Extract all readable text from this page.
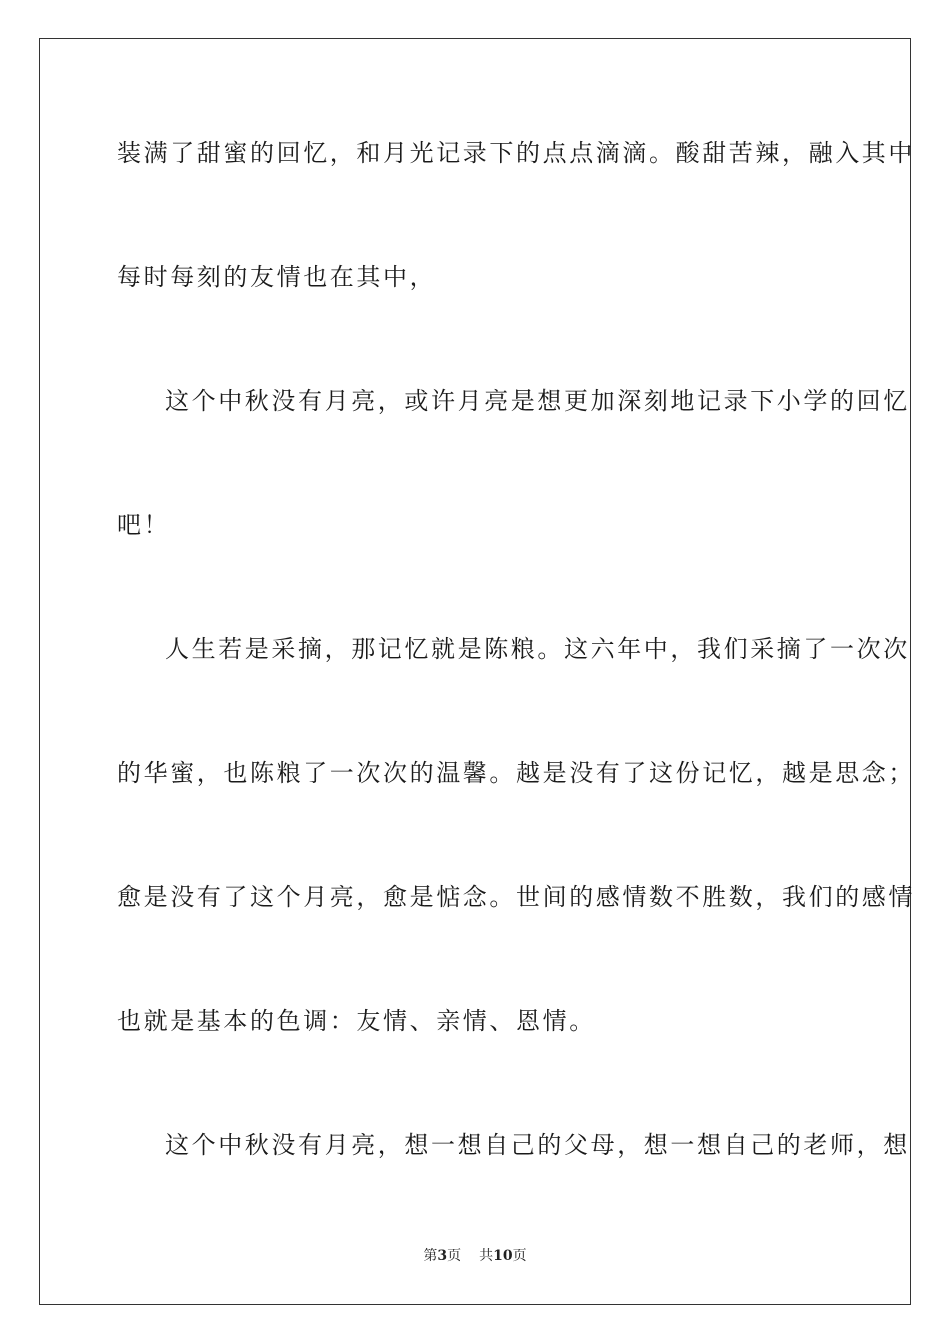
装满了甜蜜的回忆，和月光记录下的点点滴滴。酸甜苦辣，融入其中
每时每刻的友情也在其中，
这个中秋没有月亮，或许月亮是想更加深刻地记录下小学的回忆
吧！
人生若是采摘，那记忆就是陈粮。这六年中，我们采摘了一次次
的华蜜，也陈粮了一次次的温馨。越是没有了这份记忆，越是思念；
愈是没有了这个月亮，愈是惦念。世间的感情数不胜数，我们的感情
也就是基本的色调：友情、亲情、恩情。
这个中秋没有月亮，想一想自己的父母，想一想自己的老师，想
第3页 共10页
